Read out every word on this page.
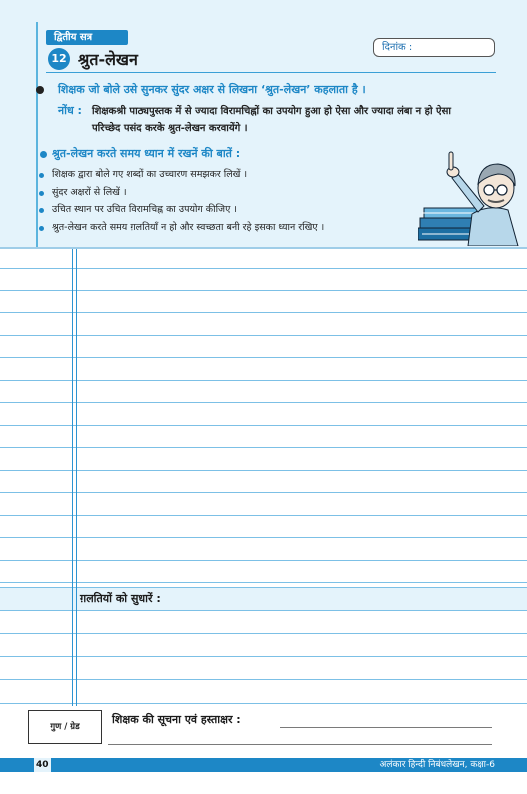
द्वितीय सत्र
12 श्रुत-लेखन
दिनांक :
शिक्षक जो बोले उसे सुनकर सुंदर अक्षर से लिखना ‘श्रुत-लेखन’ कहलाता है ।
नोंध : शिक्षकश्री पाठ्यपुस्तक में से ज्यादा विरामचिह्नों का उपयोग हुआ हो ऐसा और ज्यादा लंबा न हो ऐसा परिच्छेद पसंद करके श्रुत-लेखन करवायेंगे ।
श्रुत-लेखन करते समय ध्यान में रखनें की बातें :
शिक्षक द्वारा बोले गए शब्दों का उच्चारण समझकर लिखें ।
सुंदर अक्षरों से लिखें ।
उचित स्थान पर उचित विरामचिह्न का उपयोग कीजिए ।
श्रुत-लेखन करते समय ग़लतियाँ न हो और स्वच्छता बनी रहे इसका ध्यान रखिए ।
ग़लतियों को सुधारें :
गुण / ग्रेड
शिक्षक की सूचना एवं हस्ताक्षर :
40	अलंकार हिन्दी निबंधलेखन, कक्षा-6
